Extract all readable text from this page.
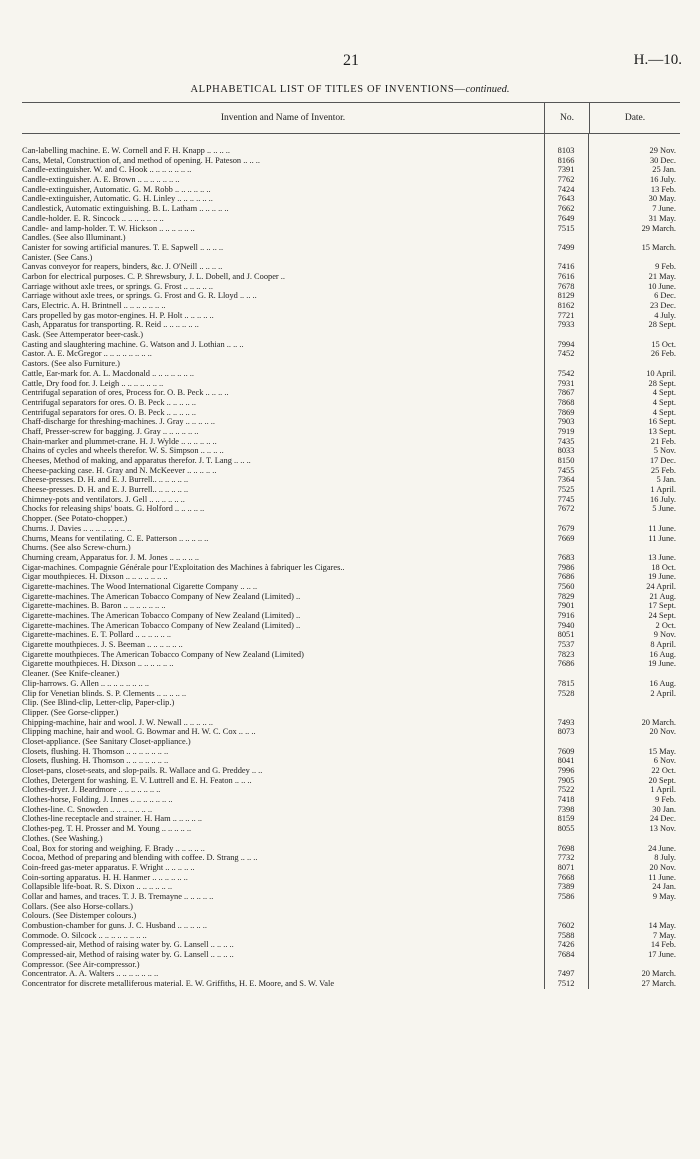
21	H.—10.
ALPHABETICAL LIST OF TITLES OF INVENTIONS—continued.
Invention and Name of Inventor.	No.	Date.
Can-labelling machine. E. W. Cornell and F. H. Knapp .. .. .. ..	8103	29 Nov.
Cans, Metal, Construction of, and method of opening. H. Pateson .. .. ..	8166	30 Dec.
Candle-extinguisher. W. and C. Hook .. .. .. .. .. .. ..	7391	25 Jan.
Candle-extinguisher. A. E. Brown .. .. .. .. .. .. ..	7762	16 July.
Candle-extinguisher, Automatic. G. M. Robb .. .. .. .. .. ..	7424	13 Feb.
Candle-extinguisher, Automatic. G. H. Linley .. .. .. .. .. ..	7643	30 May.
Candlestick, Automatic extinguishing. B. L. Latham .. .. .. .. ..	7662	7 June.
Candle-holder. E. R. Sincock .. .. .. .. .. .. ..	7649	31 May.
Candle- and lamp-holder. T. W. Hickson .. .. .. .. .. ..	7515	29 March.
Candles. (See also Illuminant.)
Canister for sowing artificial manures. T. E. Sapwell .. .. .. ..	7499	15 March.
Canister. (See Cans.)
Canvas conveyor for reapers, binders, &c. J. O'Neill .. .. .. ..	7416	9 Feb.
Carbon for electrical purposes. C. P. Shrewsbury, J. L. Dobell, and J. Cooper ..	7616	21 May.
Carriage without axle trees, or springs. G. Frost .. .. .. .. ..	7678	10 June.
Carriage without axle trees, or springs. G. Frost and G. R. Lloyd .. .. ..	8129	6 Dec.
Cars, Electric. A. H. Brintnell .. .. .. .. .. .. ..	8162	23 Dec.
Cars propelled by gas motor-engines. H. P. Holt .. .. .. .. ..	7721	4 July.
Cash, Apparatus for transporting. R. Reid .. .. .. .. .. ..	7933	28 Sept.
Cask. (See Attemperator beer-cask.)
Casting and slaughtering machine. G. Watson and J. Lothian .. .. ..	7994	15 Oct.
Castor. A. E. McGregor .. .. .. .. .. .. .. ..	7452	26 Feb.
Castors. (See also Furniture.)
Cattle, Ear-mark for. A. L. Macdonald .. .. .. .. .. .. ..	7542	10 April.
Cattle, Dry food for. J. Leigh .. .. .. .. .. .. ..	7931	28 Sept.
Centrifugal separation of ores, Process for. O. B. Peck .. .. .. ..	7867	4 Sept.
Centrifugal separators for ores. O. B. Peck .. .. .. .. ..	7868	4 Sept.
Centrifugal separators for ores. O. B. Peck .. .. .. .. ..	7869	4 Sept.
Chaff-discharge for threshing-machines. J. Gray .. .. .. .. ..	7903	16 Sept.
Chaff, Presser-screw for bagging. J. Gray .. .. .. .. .. ..	7919	13 Sept.
Chain-marker and plummet-crane. H. J. Wylde .. .. .. .. .. ..	7435	21 Feb.
Chains of cycles and wheels therefor. W. S. Simpson .. .. .. ..	8033	5 Nov.
Cheeses, Method of making, and apparatus therefor. J. T. Lang .. .. ..	8150	17 Dec.
Cheese-packing case. H. Gray and N. McKeever .. .. .. .. ..	7455	25 Feb.
Cheese-presses. D. H. and E. J. Burrell.. .. .. .. .. ..	7364	5 Jan.
Cheese-presses. D. H. and E. J. Burrell.. .. .. .. .. ..	7525	1 April.
Chimney-pots and ventilators. J. Gell .. .. .. .. .. ..	7745	16 July.
Chocks for releasing ships' boats. G. Holford .. .. .. .. ..	7672	5 June.
Chopper. (See Potato-chopper.)
Churns. J. Davies .. .. .. .. .. .. .. ..	7679	11 June.
Churns, Means for ventilating. C. E. Patterson .. .. .. .. ..	7669	11 June.
Churns. (See also Screw-churn.)
Churning cream, Apparatus for. J. M. Jones .. .. .. .. ..	7683	13 June.
Cigar-machines. Compagnie Générale pour l'Exploitation des Machines à fabriquer les Cigares..	7986	18 Oct.
Cigar mouthpieces. H. Dixson .. .. .. .. .. .. ..	7686	19 June.
Cigarette-machines. The Wood International Cigarette Company .. .. ..	7560	24 April.
Cigarette-machines. The American Tobacco Company of New Zealand (Limited) ..	7829	21 Aug.
Cigarette-machines. B. Baron .. .. .. .. .. .. ..	7901	17 Sept.
Cigarette-machines. The American Tobacco Company of New Zealand (Limited) ..	7916	24 Sept.
Cigarette-machines. The American Tobacco Company of New Zealand (Limited) ..	7940	2 Oct.
Cigarette-machines. E. T. Pollard .. .. .. .. .. ..	8051	9 Nov.
Cigarette mouthpieces. J. S. Beeman .. .. .. .. .. ..	7537	8 April.
Cigarette mouthpieces. The American Tobacco Company of New Zealand (Limited)	7823	16 Aug.
Cigarette mouthpieces. H. Dixson .. .. .. .. .. ..	7686	19 June.
Cleaner. (See Knife-cleaner.)
Clip-harrows. G. Allen .. .. .. .. .. .. .. ..	7815	16 Aug.
Clip for Venetian blinds. S. P. Clements .. .. .. .. ..	7528	2 April.
Clip. (See Blind-clip, Letter-clip, Paper-clip.)
Clipper. (See Gorse-clipper.)
Chipping-machine, hair and wool. J. W. Newall .. .. .. .. ..	7493	20 March.
Clipping machine, hair and wool. G. Bowmar and H. W. C. Cox .. .. ..	8073	20 Nov.
Closet-appliance. (See Sanitary Closet-appliance.)
Closets, flushing. H. Thomson .. .. .. .. .. .. ..	7609	15 May.
Closets, flushing. H. Thomson .. .. .. .. .. .. ..	8041	6 Nov.
Closet-pans, closet-seats, and slop-pails. R. Wallace and G. Preddey .. ..	7996	22 Oct.
Clothes, Detergent for washing. E. V. Luttrell and E. H. Featon .. .. ..	7905	20 Sept.
Clothes-dryer. J. Beardmore .. .. .. .. .. .. ..	7522	1 April.
Clothes-horse, Folding. J. Innes .. .. .. .. .. .. ..	7418	9 Feb.
Clothes-line. C. Snowden .. .. .. .. .. .. ..	7398	30 Jan.
Clothes-line receptacle and strainer. H. Ham .. .. .. .. ..	8159	24 Dec.
Clothes-peg. T. H. Prosser and M. Young .. .. .. .. ..	8055	13 Nov.
Clothes. (See Washing.)
Coal, Box for storing and weighing. F. Brady .. .. .. .. ..	7698	24 June.
Cocoa, Method of preparing and blending with coffee. D. Strang .. .. ..	7732	8 July.
Coin-freed gas-meter apparatus. F. Wright .. .. .. .. ..	8071	20 Nov.
Coin-sorting apparatus. H. H. Hanmer .. .. .. .. .. ..	7668	11 June.
Collapsible life-boat. R. S. Dixon .. .. .. .. .. ..	7389	24 Jan.
Collar and hames, and traces. T. J. B. Tremayne .. .. .. .. ..	7586	9 May.
Collars. (See also Horse-collars.)
Colours. (See Distemper colours.)
Combustion-chamber for guns. J. C. Husband .. .. .. .. ..	7602	14 May.
Commode. O. Silcock .. .. .. .. .. .. .. ..	7588	7 May.
Compressed-air, Method of raising water by. G. Lansell .. .. .. ..	7426	14 Feb.
Compressed-air, Method of raising water by. G. Lansell .. .. .. ..	7684	17 June.
Compressor. (See Air-compressor.)
Concentrator. A. A. Walters .. .. .. .. .. .. ..	7497	20 March.
Concentrator for discrete metalliferous material. E. W. Griffiths, H. E. Moore, and S. W. Vale	7512	27 March.
